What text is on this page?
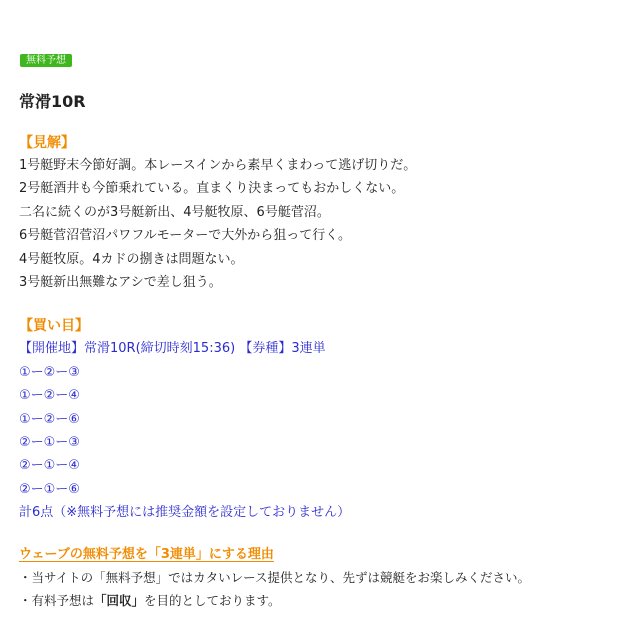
無料予想
常滑10R
【見解】
1号艇野末今節好調。本レースインから素早くまわって逃げ切りだ。
2号艇酒井も今節乗れている。直まくり決まってもおかしくない。
二名に続くのが3号艇新出、4号艇牧原、6号艇菅沼。
6号艇菅沼菅沼パワフルモーターで大外から狙って行く。
4号艇牧原。4カドの捌きは問題ない。
3号艇新出無難なアシで差し狙う。
【買い目】
【開催地】常滑10R(締切時刻15:36) 【券種】3連単
①ー②ー③
①ー②ー④
①ー②ー⑥
②ー①ー③
②ー①ー④
②ー①ー⑥
計6点（※無料予想には推奨金額を設定しておりません）
ウェーブの無料予想を「3連単」にする理由
・当サイトの「無料予想」ではカタいレース提供となり、先ずは競艇をお楽しみください。
・有料予想は「回収」を目的としております。
